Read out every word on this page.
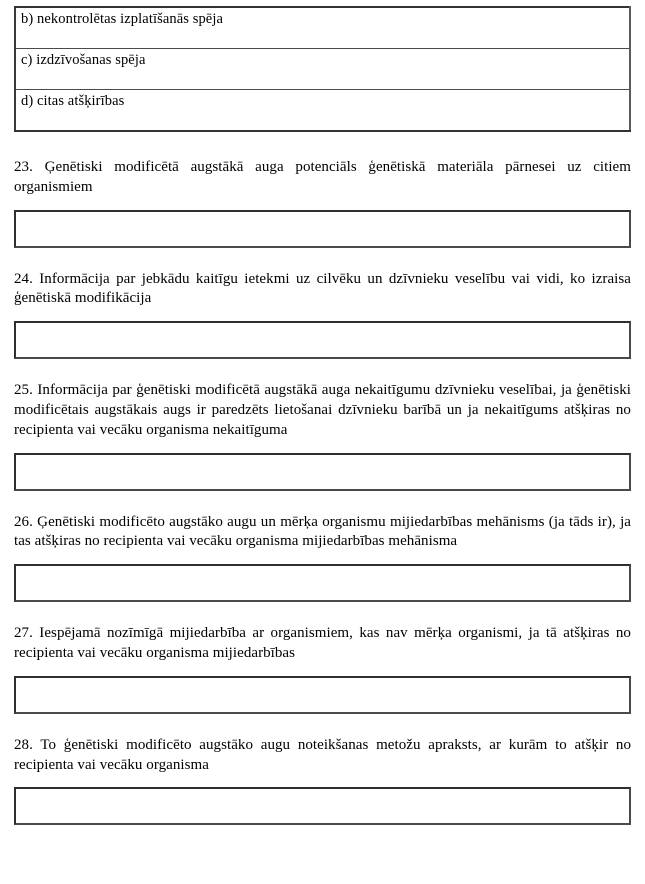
b) nekontrolētas izplatīšanās spēja
c) izdzīvošanas spēja
d) citas atšķirības

23. Ģenētiski modificētā augstākā auga potenciāls ģenētiskā materiāla pārnesei uz citiem organismiem

24. Informācija par jebkādu kaitīgu ietekmi uz cilvēku un dzīvnieku veselību vai vidi, ko izraisa ģenētiskā modifikācija

25. Informācija par ģenētiski modificētā augstākā auga nekaitīgumu dzīvnieku veselībai, ja ģenētiski modificētais augstākais augs ir paredzēts lietošanai dzīvnieku barībā un ja nekaitīgums atšķiras no recipienta vai vecāku organisma nekaitīguma

26. Ģenētiski modificēto augstāko augu un mērķa organismu mijiedarbības mehānisms (ja tāds ir), ja tas atšķiras no recipienta vai vecāku organisma mijiedarbības mehānisma

27. Iespējamā nozīmīgā mijiedarbība ar organismiem, kas nav mērķa organismi, ja tā atšķiras no recipienta vai vecāku organisma mijiedarbības

28. To ģenētiski modificēto augstāko augu noteikšanas metožu apraksts, ar kurām to atšķir no recipienta vai vecāku organisma
